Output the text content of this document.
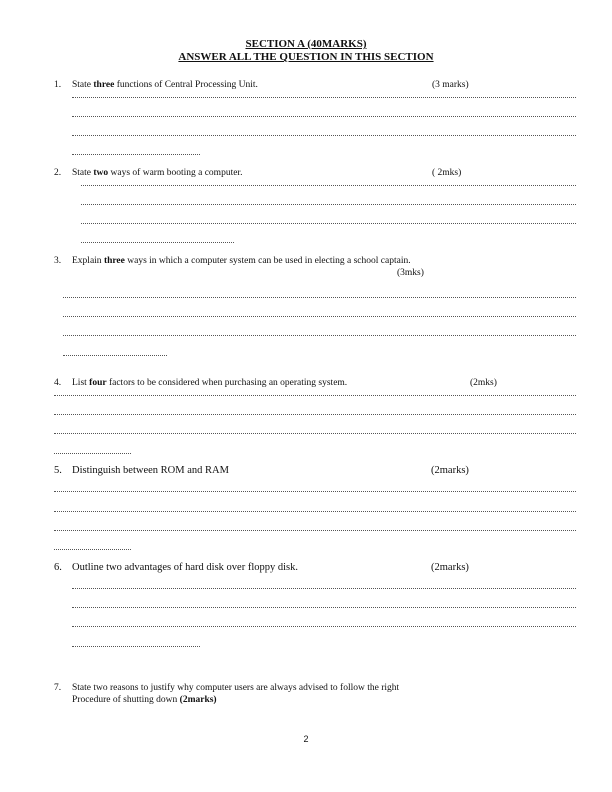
SECTION A (40MARKS)
ANSWER ALL THE QUESTION IN THIS SECTION
1. State three functions of Central Processing Unit.	(3 marks)
2. State two ways of warm booting a computer.	( 2mks)
3. Explain three ways in which a computer system can be used in electing a school captain.
(3mks)
4. List four factors to be considered when purchasing an operating system.	(2mks)
5. Distinguish between ROM and RAM	(2marks)
6. Outline two advantages of hard disk over floppy disk.	(2marks)
7. State two reasons to justify why computer users are always advised to follow the right
Procedure of shutting down (2marks)
2
